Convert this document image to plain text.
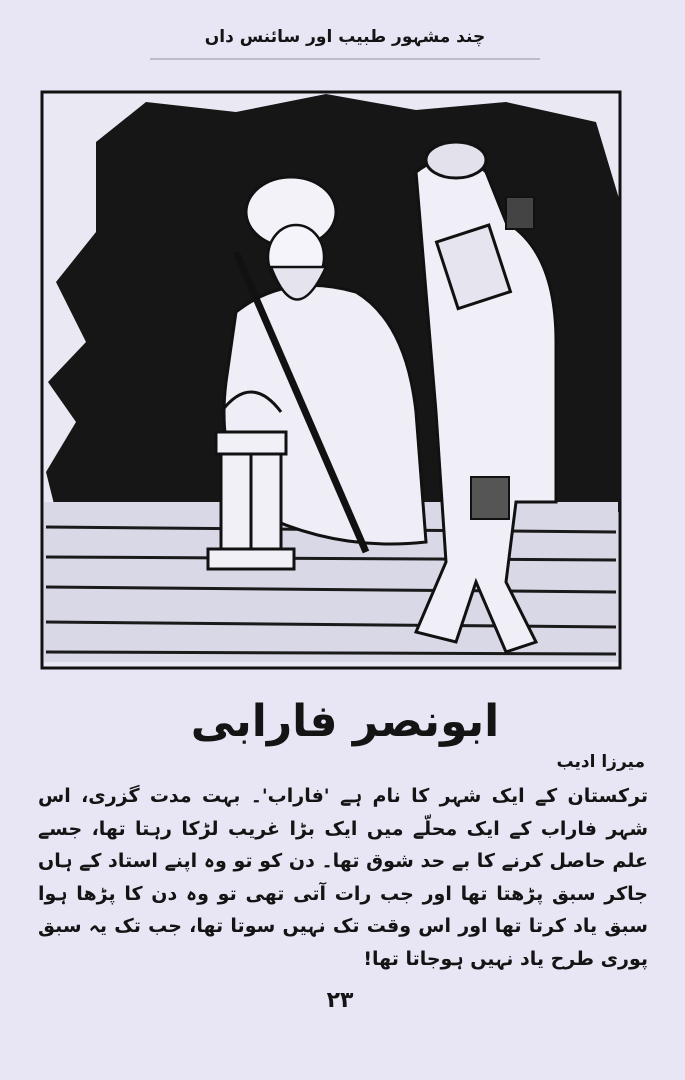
چند مشہور طبیب اور سائنس داں
ابونصر فارابی
میرزا ادیب

ترکستان کے ایک شہر کا نام ہے 'فاراب'۔ بہت مدت گزری، اس شہر فاراب کے ایک محلّے میں ایک بڑا غریب لڑکا رہتا تھا، جسے علم حاصل کرنے کا بے حد شوق تھا۔ دن کو تو وہ اپنے استاد کے ہاں جاکر سبق پڑھتا تھا اور جب رات آتی تھی تو وہ دن کا پڑھا ہوا سبق یاد کرتا تھا اور اس وقت تک نہیں سوتا تھا، جب تک یہ سبق پوری طرح یاد نہیں ہوجاتا تھا!

۲۳
